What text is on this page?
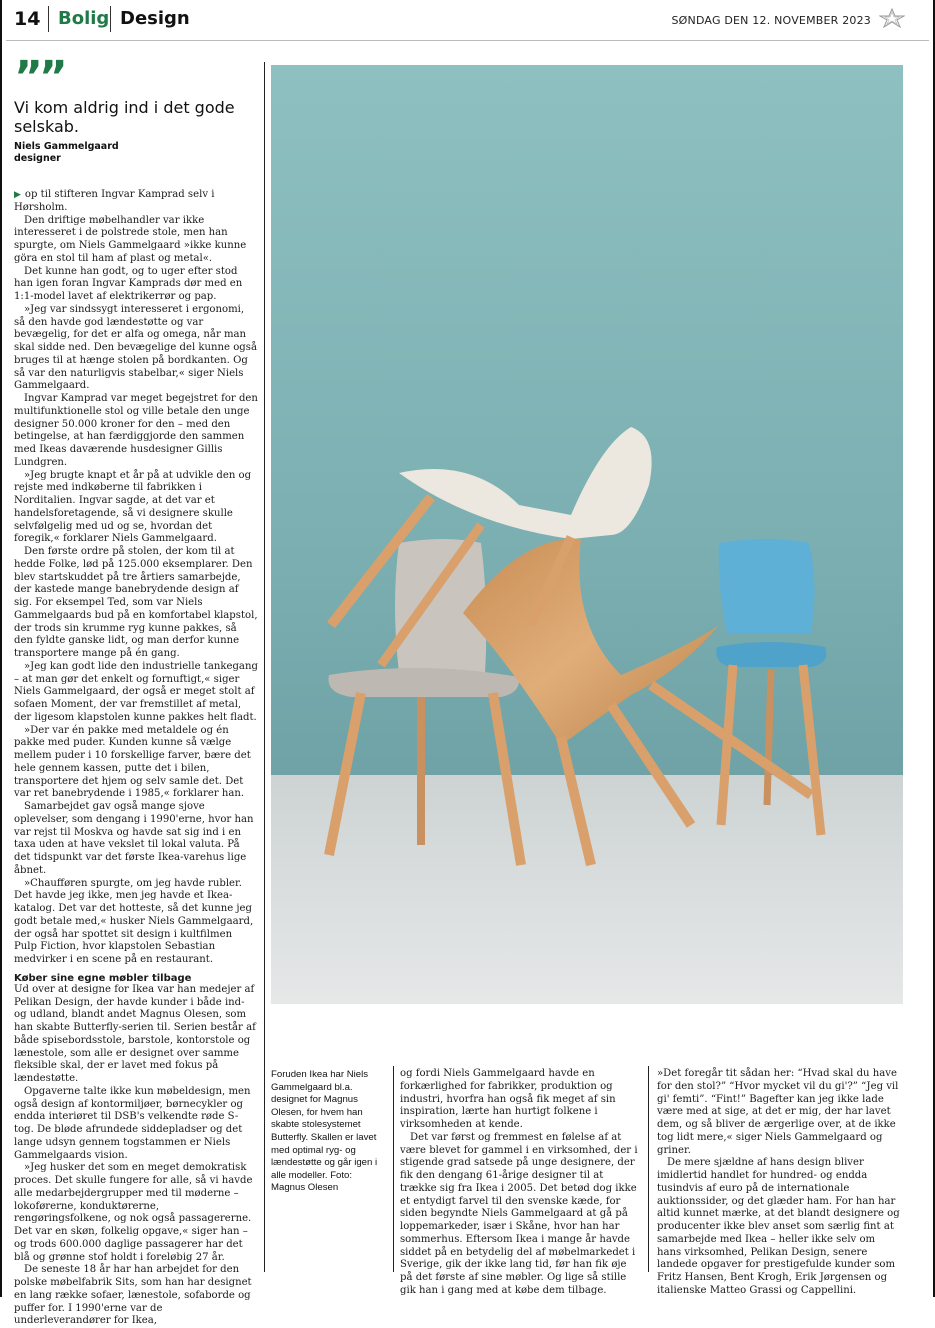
14 Bolig Design	SØNDAG DEN 12. NOVEMBER 2023
””
Vi kom aldrig ind i det gode selskab.
Niels Gammelgaard
designer

▶ op til stifteren Ingvar Kamprad selv i Hørsholm.

Den driftige møbelhandler var ikke interesseret i de polstrede stole, men han spurgte, om Niels Gammelgaard »ikke kunne göra en stol til ham af plast og metal«.

Det kunne han godt, og to uger efter stod han igen foran Ingvar Kamprads dør med en 1:1-model lavet af elektrikerrør og pap.

»Jeg var sindssygt interesseret i ergonomi, så den havde god lændestøtte og var bevægelig, for det er alfa og omega, når man skal sidde ned. Den bevægelige del kunne også bruges til at hænge stolen på bordkanten. Og så var den naturligvis stabelbar,« siger Niels Gammelgaard.

Ingvar Kamprad var meget begejstret for den multifunktionelle stol og ville betale den unge designer 50.000 kroner for den – med den betingelse, at han færdiggjorde den sammen med Ikeas daværende husdesigner Gillis Lundgren.

»Jeg brugte knapt et år på at udvikle den og rejste med indkøberne til fabrikken i Norditalien. Ingvar sagde, at det var et handelsforetagende, så vi designere skulle selvfølgelig med ud og se, hvordan det foregik,« forklarer Niels Gammelgaard.

Den første ordre på stolen, der kom til at hedde Folke, lød på 125.000 eksemplarer. Den blev startskuddet på tre årtiers samarbejde, der kastede mange banebrydende design af sig. For eksempel Ted, som var Niels Gammelgaards bud på en komfortabel klapstol, der trods sin krumme ryg kunne pakkes, så den fyldte ganske lidt, og man derfor kunne transportere mange på én gang.

»Jeg kan godt lide den industrielle tankegang – at man gør det enkelt og fornuftigt,« siger Niels Gammelgaard, der også er meget stolt af sofaen Moment, der var fremstillet af metal, der ligesom klapstolen kunne pakkes helt fladt.

»Der var én pakke med metaldele og én pakke med puder. Kunden kunne så vælge mellem puder i 10 forskellige farver, bære det hele gennem kassen, putte det i bilen, transportere det hjem og selv samle det. Det var ret banebrydende i 1985,« forklarer han.

Samarbejdet gav også mange sjove oplevelser, som dengang i 1990'erne, hvor han var rejst til Moskva og havde sat sig ind i en taxa uden at have vekslet til lokal valuta. På det tidspunkt var det første Ikea-varehus lige åbnet.

»Chaufføren spurgte, om jeg havde rubler. Det havde jeg ikke, men jeg havde et Ikea-katalog. Det var det hotteste, så det kunne jeg godt betale med,« husker Niels Gammelgaard, der også har spottet sit design i kultfilmen Pulp Fiction, hvor klapstolen Sebastian medvirker i en scene på en restaurant.

Køber sine egne møbler tilbage

Ud over at designe for Ikea var han medejer af Pelikan Design, der havde kunder i både ind- og udland, blandt andet Magnus Olesen, som han skabte Butterfly-serien til. Serien består af både spisebordsstole, barstole, kontorstole og lænestole, som alle er designet over samme fleksible skal, der er lavet med fokus på lændestøtte.

Opgaverne talte ikke kun møbeldesign, men også design af kontormiljøer, børnecykler og endda interiøret til DSB's velkendte røde S-tog. De bløde afrundede siddepladser og det lange udsyn gennem togstammen er Niels Gammelgaards vision.

»Jeg husker det som en meget demokratisk proces. Det skulle fungere for alle, så vi havde alle medarbejdergrupper med til møderne – lokoførerne, konduktørerne, rengøringsfolkene, og nok også passagererne. Det var en skøn, folkelig opgave,« siger han – og trods 600.000 daglige passagerer har det blå og grønne stof holdt i foreløbig 27 år.

De seneste 18 år har han arbejdet for den polske møbelfabrik Sits, som han har designet en lang række sofaer, lænestole, sofaborde og puffer for. I 1990'erne var de underleverandører for Ikea,

Foruden Ikea har Niels Gammelgaard bl.a. designet for Magnus Olesen, for hvem han skabte stolesystemet Butterfly. Skallen er lavet med optimal ryg- og lændestøtte og går igen i alle modeller. Foto: Magnus Olesen

og fordi Niels Gammelgaard havde en forkærlighed for fabrikker, produktion og industri, hvorfra han også fik meget af sin inspiration, lærte han hurtigt folkene i virksomheden at kende.

Det var først og fremmest en følelse af at være blevet for gammel i en virksomhed, der i stigende grad satsede på unge designere, der fik den dengang 61-årige designer til at trække sig fra Ikea i 2005. Det betød dog ikke et entydigt farvel til den svenske kæde, for siden begyndte Niels Gammelgaard at gå på loppemarkeder, især i Skåne, hvor han har sommerhus. Eftersom Ikea i mange år havde siddet på en betydelig del af møbelmarkedet i Sverige, gik der ikke lang tid, før han fik øje på det første af sine møbler. Og lige så stille gik han i gang med at købe dem tilbage.

»Det foregår tit sådan her: “Hvad skal du have for den stol?” “Hvor mycket vil du gi'?” “Jeg vil gi' femti”. “Fint!” Bagefter kan jeg ikke lade være med at sige, at det er mig, der har lavet dem, og så bliver de ærgerlige over, at de ikke tog lidt mere,« siger Niels Gammelgaard og griner.

De mere sjældne af hans design bliver imidlertid handlet for hundred- og endda tusindvis af euro på de internationale auktionssider, og det glæder ham. For han har altid kunnet mærke, at det blandt designere og producenter ikke blev anset som særlig fint at samarbejde med Ikea – heller ikke selv om hans virksomhed, Pelikan Design, senere landede opgaver for prestigefulde kunder som Fritz Hansen, Bent Krogh, Erik Jørgensen og italienske Matteo Grassi og Cappellini.
